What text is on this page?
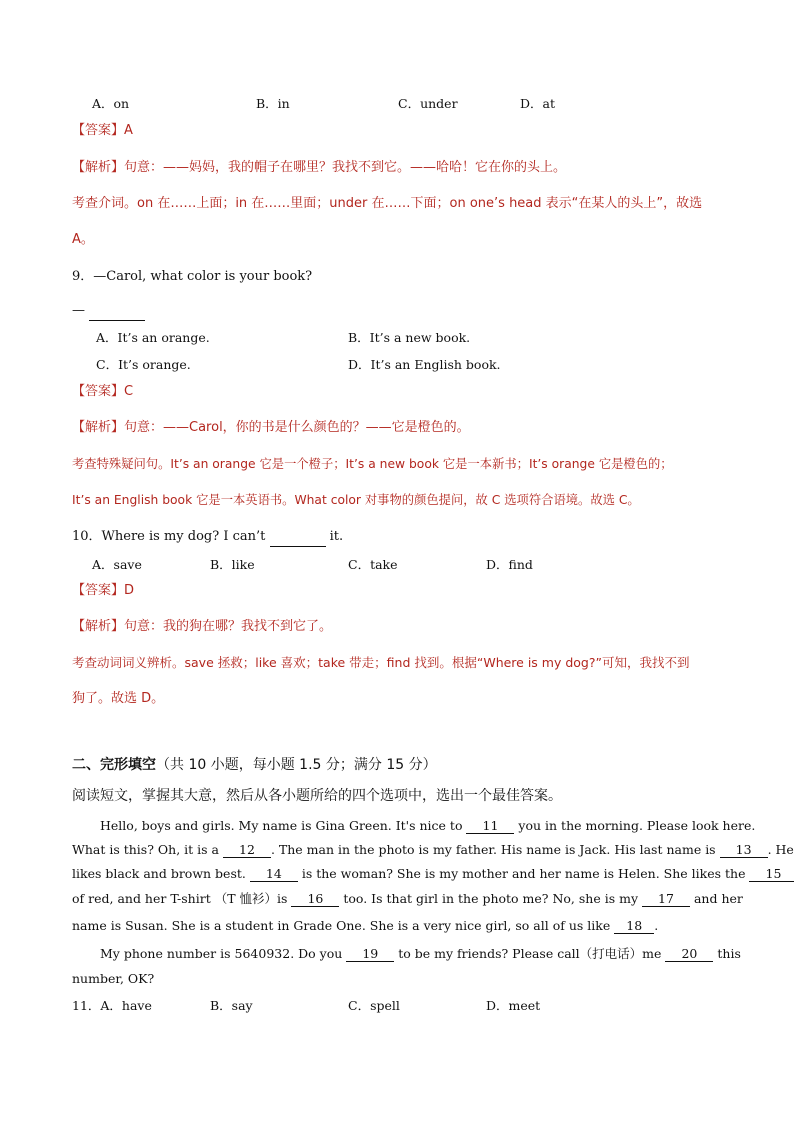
A．on	B．in	C．under	D．at
【答案】A
【解析】句意：——妈妈，我的帽子在哪里？我找不到它。——哈哈！它在你的头上。
考查介词。on 在……上面；in 在……里面；under 在……下面；on one’s head 表示“在某人的头上”，故选
A。
9．—Carol, what color is your book?
—
A．It’s an orange.	B．It’s a new book.
C．It’s orange.	D．It’s an English book.
【答案】C
【解析】句意：——Carol，你的书是什么颜色的？——它是橙色的。
考查特殊疑问句。It’s an orange 它是一个橙子；It’s a new book 它是一本新书；It’s orange 它是橙色的；
It’s an English book 它是一本英语书。What color 对事物的颜色提问，故 C 选项符合语境。故选 C。
10．Where is my dog? I can’t	it.
A．save	B．like	C．take	D．find
【答案】D
【解析】句意：我的狗在哪？我找不到它了。
考查动词词义辨析。save 拯救；like 喜欢；take 带走；find 找到。根据“Where is my dog?”可知，我找不到
狗了。故选 D。
二、完形填空（共 10 小题，每小题 1.5 分；满分 15 分）
阅读短文，掌握其大意，然后从各小题所给的四个选项中，选出一个最佳答案。
Hello, boys and girls. My name is Gina Green. It's nice to 11 you in the morning. Please look here.
What is this? Oh, it is a 12 . The man in the photo is my father. His name is Jack. His last name is 13 . He
likes black and brown best. 14 is the woman? She is my mother and her name is Helen. She likes the 15
of red, and her T-shirt （T 恤衫）is 16 too. Is that girl in the photo me? No, she is my 17 and her
name is Susan. She is a student in Grade One. She is a very nice girl, so all of us like 18 .
My phone number is 5640932. Do you 19 to be my friends? Please call（打电话）me 20 this
number, OK?
11．A．have	B．say	C．spell	D．meet
